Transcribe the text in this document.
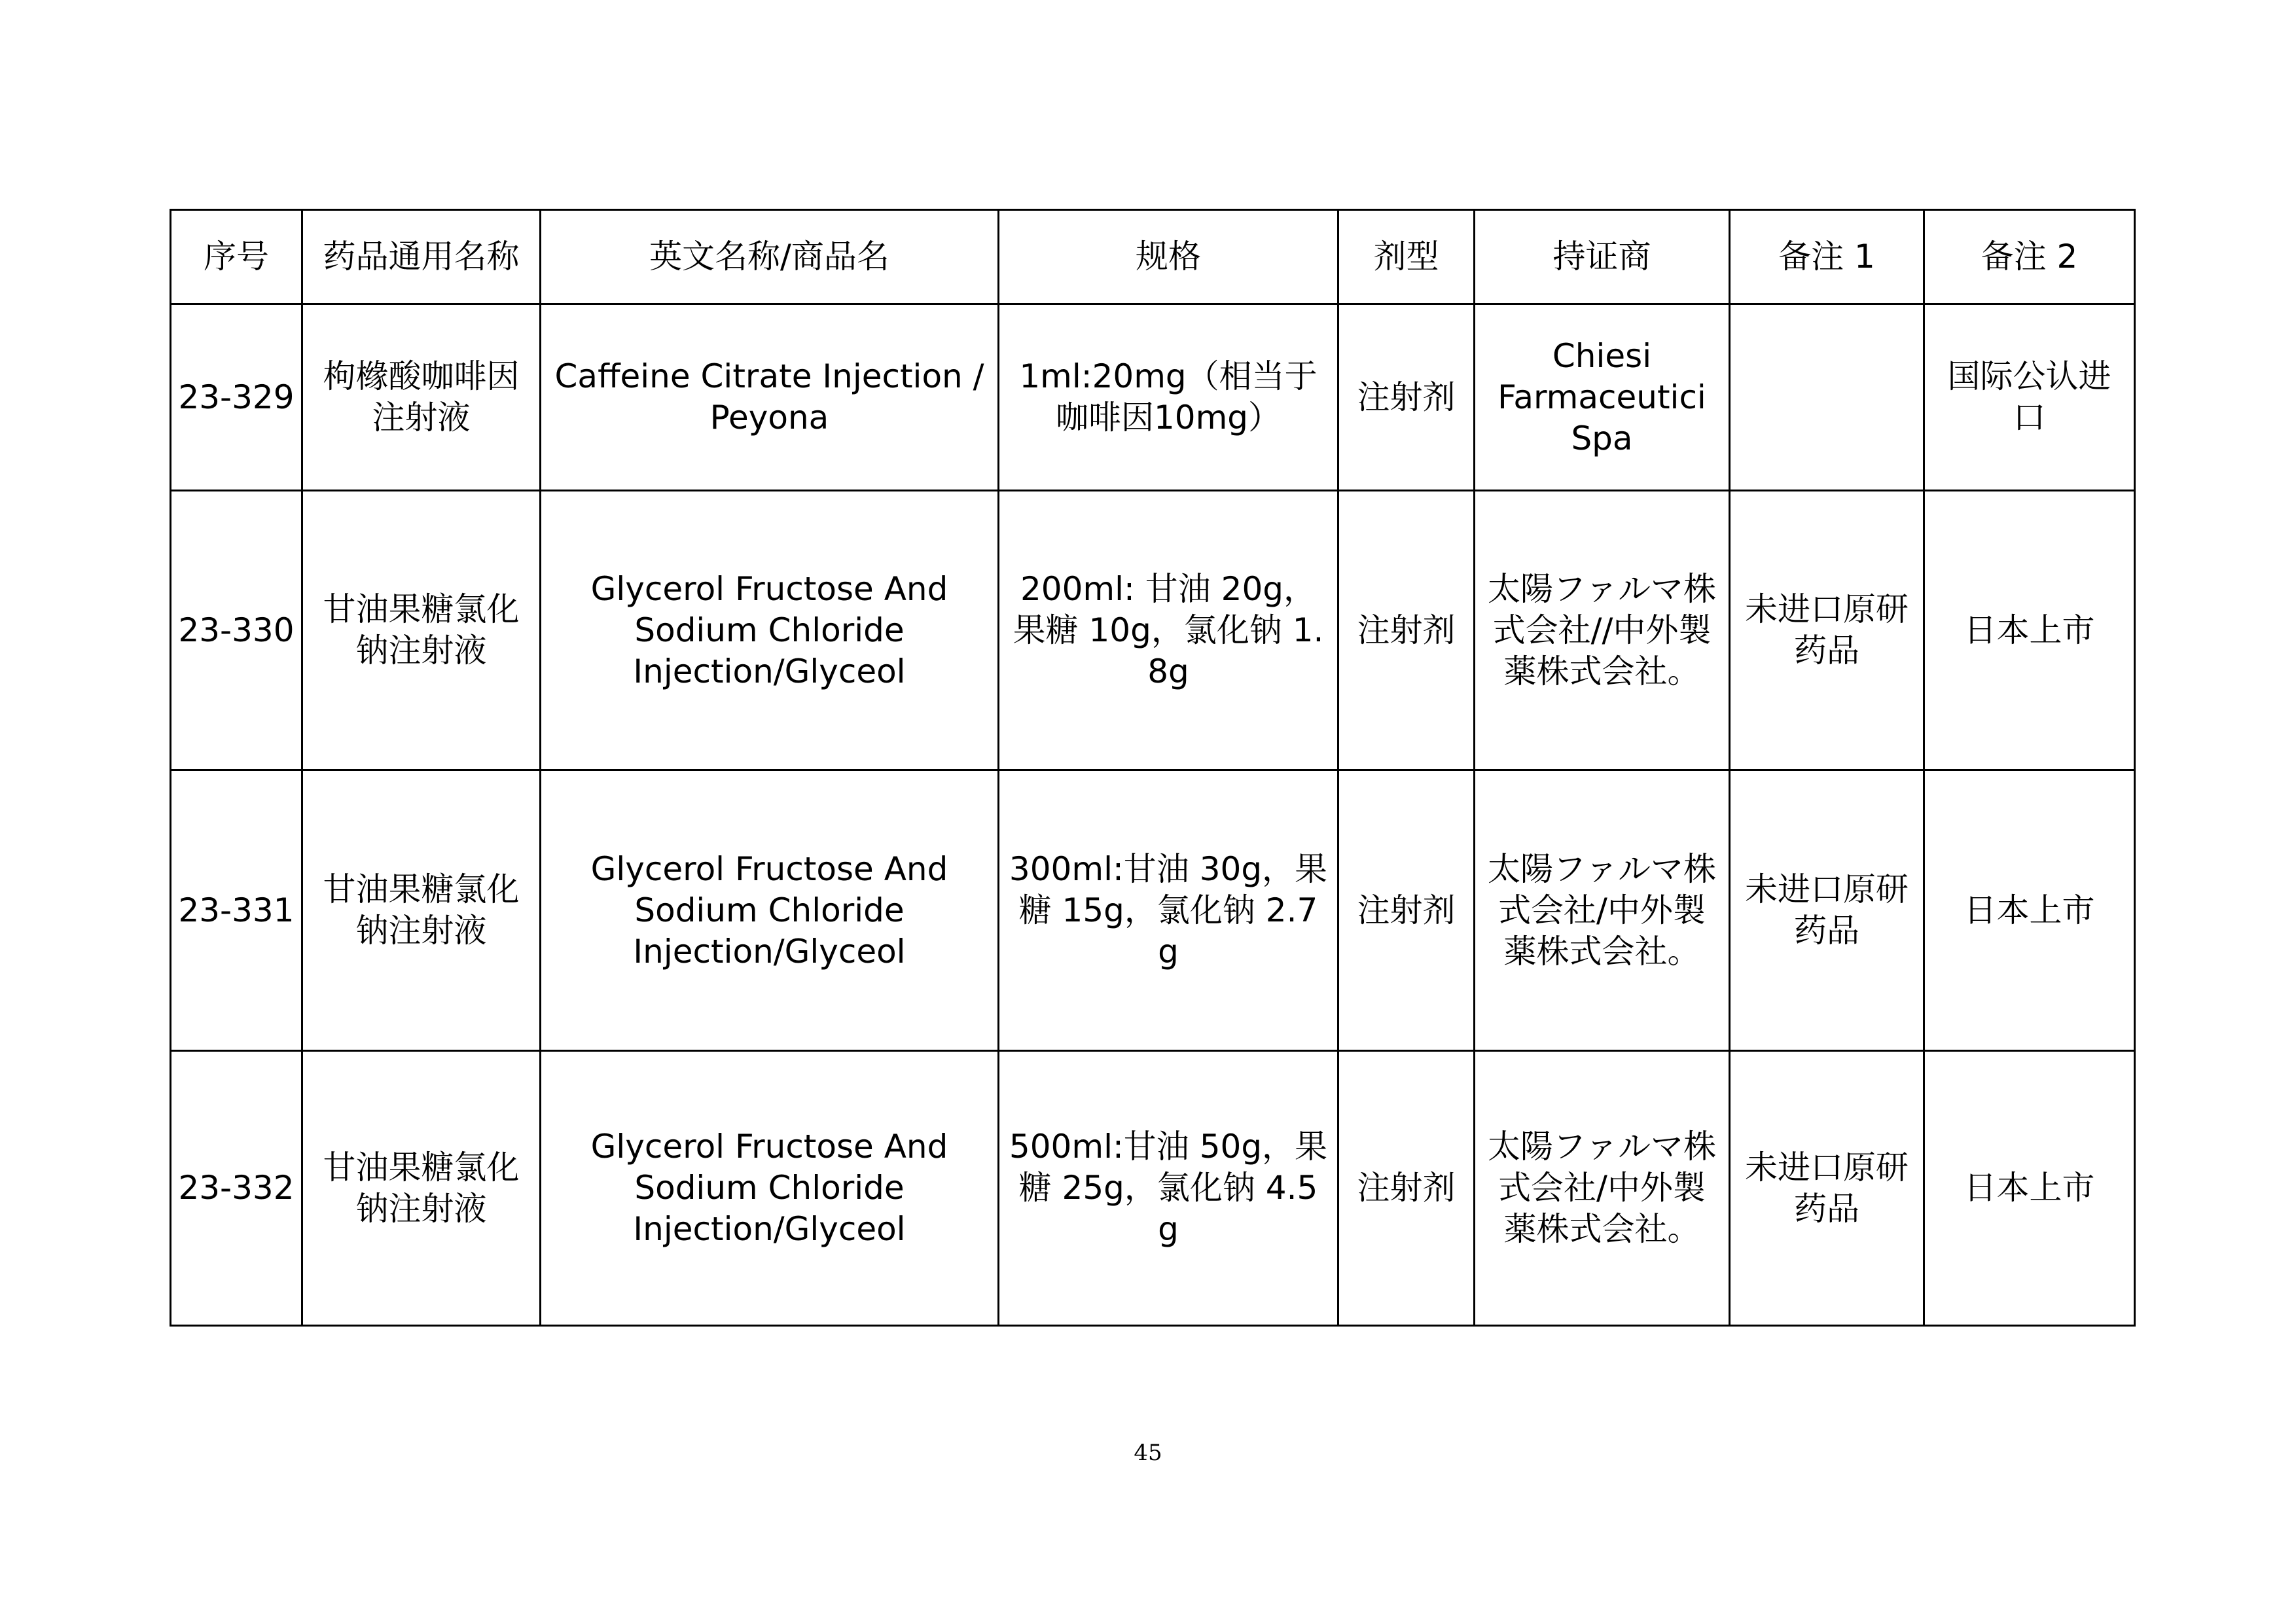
序号	药品通用名称	英文名称/商品名	规格	剂型	持证商	备注 1	备注 2
23-329	枸橼酸咖啡因注射液	Caffeine Citrate Injection / Peyona	1ml:20mg（相当于咖啡因10mg）	注射剂	Chiesi Farmaceutici Spa		国际公认进口
23-330	甘油果糖氯化钠注射液	Glycerol Fructose And Sodium Chloride Injection/Glyceol	200ml: 甘油 20g，果糖 10g，氯化钠 1.8g	注射剂	太陽ファルマ株式会社//中外製薬株式会社。	未进口原研药品	日本上市
23-331	甘油果糖氯化钠注射液	Glycerol Fructose And Sodium Chloride Injection/Glyceol	300ml:甘油 30g，果糖 15g，氯化钠 2.7g	注射剂	太陽ファルマ株式会社/中外製薬株式会社。	未进口原研药品	日本上市
23-332	甘油果糖氯化钠注射液	Glycerol Fructose And Sodium Chloride Injection/Glyceol	500ml:甘油 50g，果糖 25g，氯化钠 4.5g	注射剂	太陽ファルマ株式会社/中外製薬株式会社。	未进口原研药品	日本上市
45
